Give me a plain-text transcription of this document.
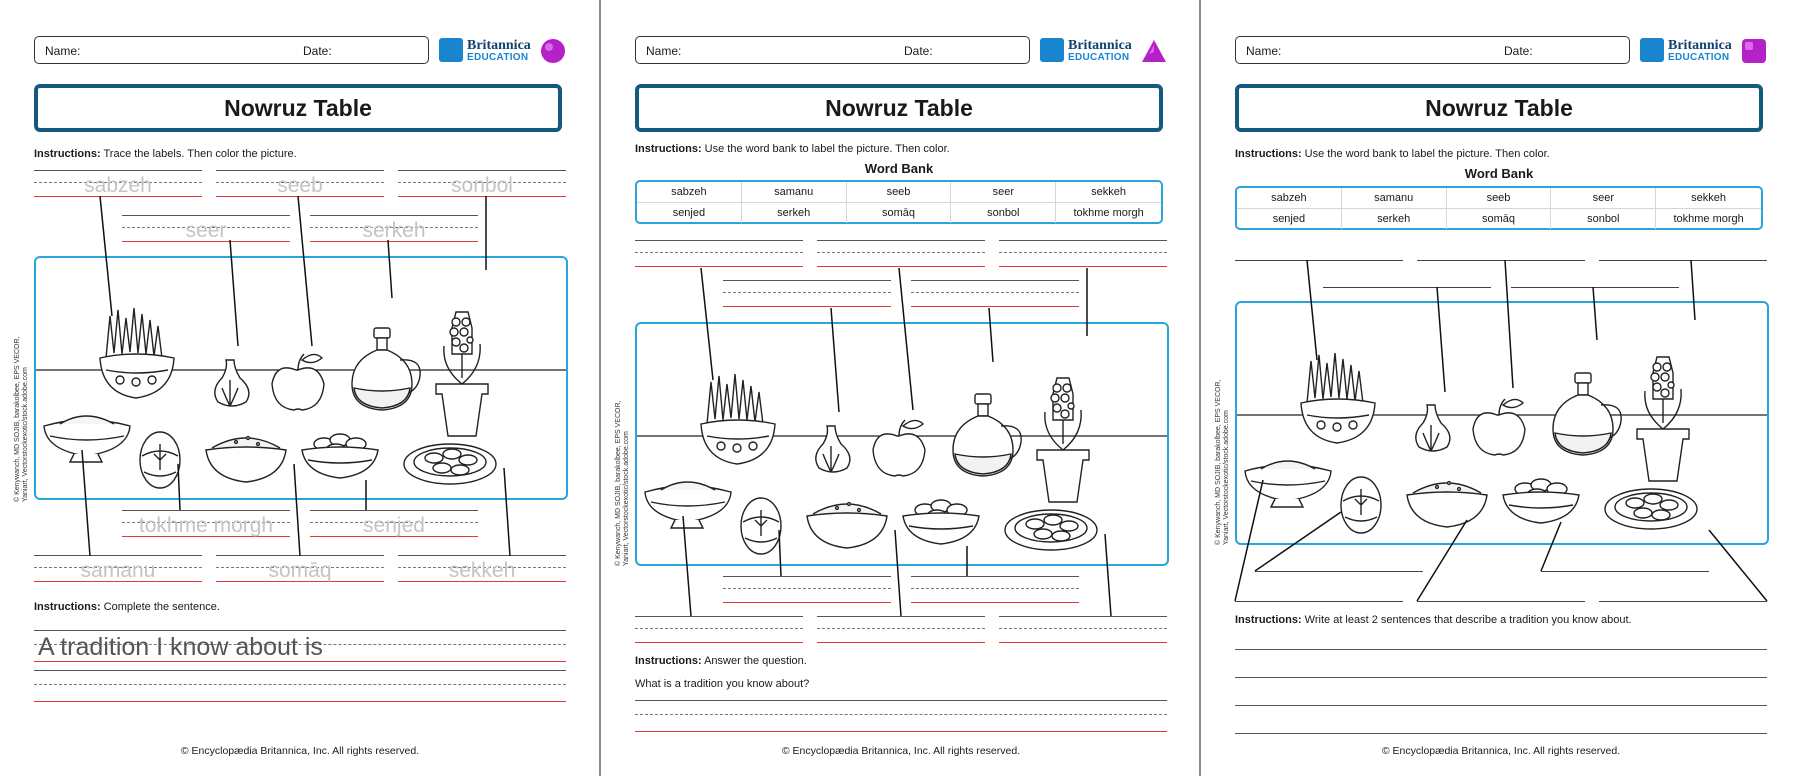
Name:	Date:	Britannica
EDUCATION
Nowruz Table
Instructions: Trace the labels. Then color the picture.
sabzeh	seeb	sonbol
seer	serkeh
tokhme morgh	senjed
samanu	somāq	sekkeh
Instructions: Complete the sentence.
A tradition I know about is
© Kenywanch, MD SOJIB, barakolbee, EPS VECOR, Yaniart, Vectorstockexotic/stock.adobe.com
© Encyclopædia Britannica, Inc. All rights reserved.
Name:	Date:	Britannica
EDUCATION
Nowruz Table
Instructions: Use the word bank to label the picture. Then color.
Word Bank
sabzeh	samanu	seeb	seer	sekkeh
senjed	serkeh	somāq	sonbol	tokhme morgh
Instructions: Answer the question.
What is a tradition you know about?
© Kenywanch, MD SOJIB, barakolbee, EPS VECOR, Yaniart, Vectorstockexotic/stock.adobe.com
© Encyclopædia Britannica, Inc. All rights reserved.
Name:	Date:	Britannica
EDUCATION
Nowruz Table
Instructions: Use the word bank to label the picture. Then color.
Word Bank
sabzeh	samanu	seeb	seer	sekkeh
senjed	serkeh	somāq	sonbol	tokhme morgh
Instructions: Write at least 2 sentences that describe a tradition you know about.
© Kenywanch, MD SOJIB, barakolbee, EPS VECOR, Yaniart, Vectorstockexotic/stock.adobe.com
© Encyclopædia Britannica, Inc. All rights reserved.
